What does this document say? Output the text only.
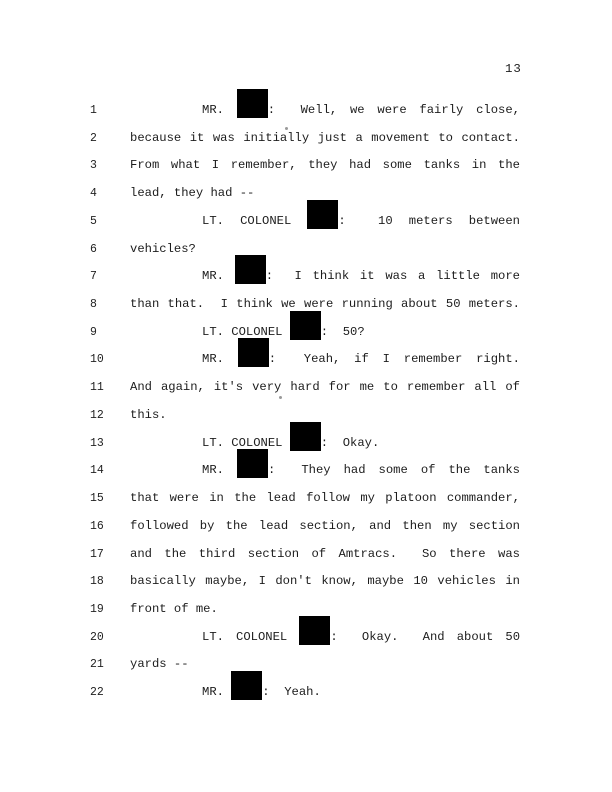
13
1	MR.	:  Well, we were fairly close,
2	because it was initially just a movement to contact.
3	From what I remember, they had some tanks in the
4	lead, they had --
5	LT. COLONEL	:  10 meters between
6	vehicles?
7	MR.	:  I think it was a little more
8	than that.  I think we were running about 50 meters.
9	LT. COLONEL	:  50?
10	MR.	:  Yeah, if I remember right.
11	And again, it's very hard for me to remember all of
12	this.
13	LT. COLONEL	:  Okay.
14	MR.	:  They had some of the tanks
15	that were in the lead follow my platoon commander,
16	followed by the lead section, and then my section
17	and the third section of Amtracs.  So there was
18	basically maybe, I don't know, maybe 10 vehicles in
19	front of me.
20	LT. COLONEL	:  Okay.  And about 50
21	yards --
22	MR.	:  Yeah.
